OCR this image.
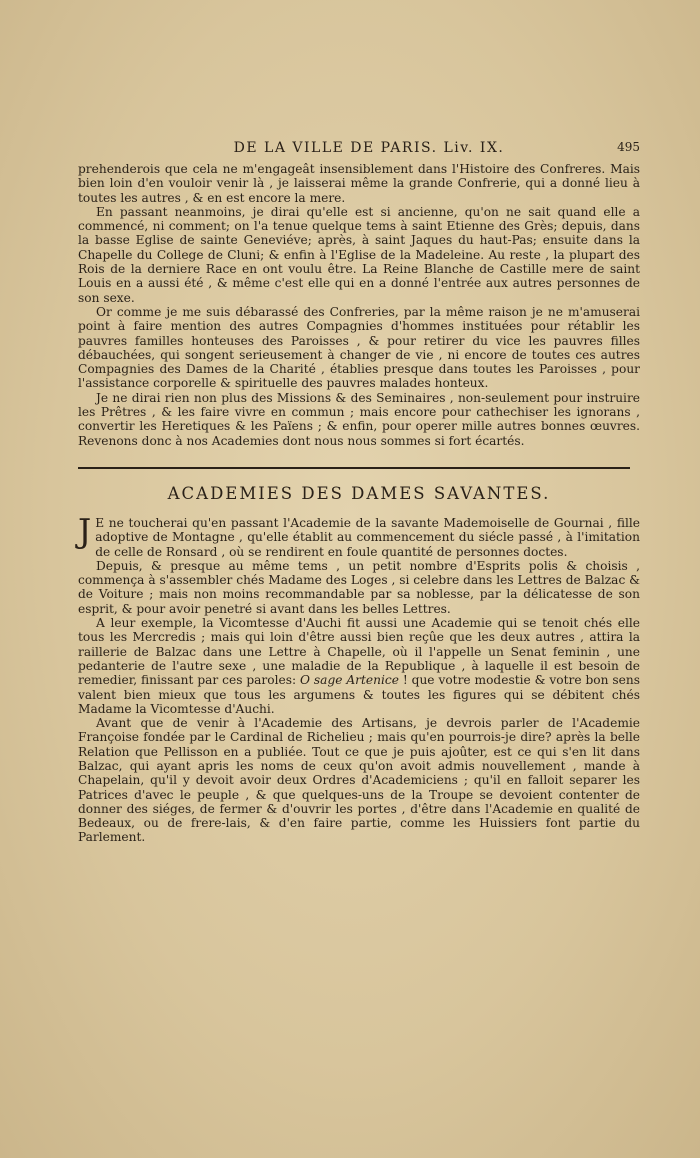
DE LA VILLE DE PARIS. Liv. IX.	495

prehenderois que cela ne m'engageât insensiblement dans l'Histoire des Confreres. Mais bien loin d'en vouloir venir là , je laisserai même la grande Confrerie, qui a donné lieu à toutes les autres , & en est encore la mere.

En passant neanmoins, je dirai qu'elle est si ancienne, qu'on ne sait quand elle a commencé, ni comment; on l'a tenue quelque tems à saint Etienne des Grès; depuis, dans la basse Eglise de sainte Geneviéve; après, à saint Jaques du haut-Pas; ensuite dans la Chapelle du College de Cluni; & enfin à l'Eglise de la Madeleine. Au reste , la plupart des Rois de la derniere Race en ont voulu être. La Reine Blanche de Castille mere de saint Louis en a aussi été , & même c'est elle qui en a donné l'entrée aux autres personnes de son sexe.

Or comme je me suis débarassé des Confreries, par la même raison je ne m'amuserai point à faire mention des autres Compagnies d'hommes instituées pour rétablir les pauvres familles honteuses des Paroisses , & pour retirer du vice les pauvres filles débauchées, qui songent serieusement à changer de vie , ni encore de toutes ces autres Compagnies des Dames de la Charité , établies presque dans toutes les Paroisses , pour l'assistance corporelle & spirituelle des pauvres malades honteux.

Je ne dirai rien non plus des Missions & des Seminaires , non-seulement pour instruire les Prêtres , & les faire vivre en commun ; mais encore pour cathechiser les ignorans , convertir les Heretiques & les Païens ; & enfin, pour operer mille autres bonnes œuvres. Revenons donc à nos Academies dont nous nous sommes si fort écartés.

ACADEMIES DES DAMES SAVANTES.

J E ne toucherai qu'en passant l'Academie de la savante Mademoiselle de Gournai , fille adoptive de Montagne , qu'elle établit au commencement du siécle passé , à l'imitation de celle de Ronsard , où se rendirent en foule quantité de personnes doctes.

Depuis, & presque au même tems , un petit nombre d'Esprits polis & choisis , commença à s'assembler chés Madame des Loges , si celebre dans les Lettres de Balzac & de Voiture ; mais non moins recommandable par sa noblesse, par la délicatesse de son esprit, & pour avoir penetré si avant dans les belles Lettres.

A leur exemple, la Vicomtesse d'Auchi fit aussi une Academie qui se tenoit chés elle tous les Mercredis ; mais qui loin d'être aussi bien reçûe que les deux autres , attira la raillerie de Balzac dans une Lettre à Chapelle, où il l'appelle un Senat feminin , une pedanterie de l'autre sexe , une maladie de la Republique , à laquelle il est besoin de remedier, finissant par ces paroles: O sage Artenice ! que votre modestie & votre bon sens valent bien mieux que tous les argumens & toutes les figures qui se débitent chés Madame la Vicomtesse d'Auchi.

Avant que de venir à l'Academie des Artisans, je devrois parler de l'Academie Françoise fondée par le Cardinal de Richelieu ; mais qu'en pourrois-je dire? après la belle Relation que Pellisson en a publiée. Tout ce que je puis ajoûter, est ce qui s'en lit dans Balzac, qui ayant apris les noms de ceux qu'on avoit admis nouvellement , mande à Chapelain, qu'il y devoit avoir deux Ordres d'Academiciens ; qu'il en falloit separer les Patrices d'avec le peuple , & que quelques-uns de la Troupe se devoient contenter de donner des siéges, de fermer & d'ouvrir les portes , d'être dans l'Academie en qualité de Bedeaux, ou de frere-lais, & d'en faire partie, comme les Huissiers font partie du Parlement.
